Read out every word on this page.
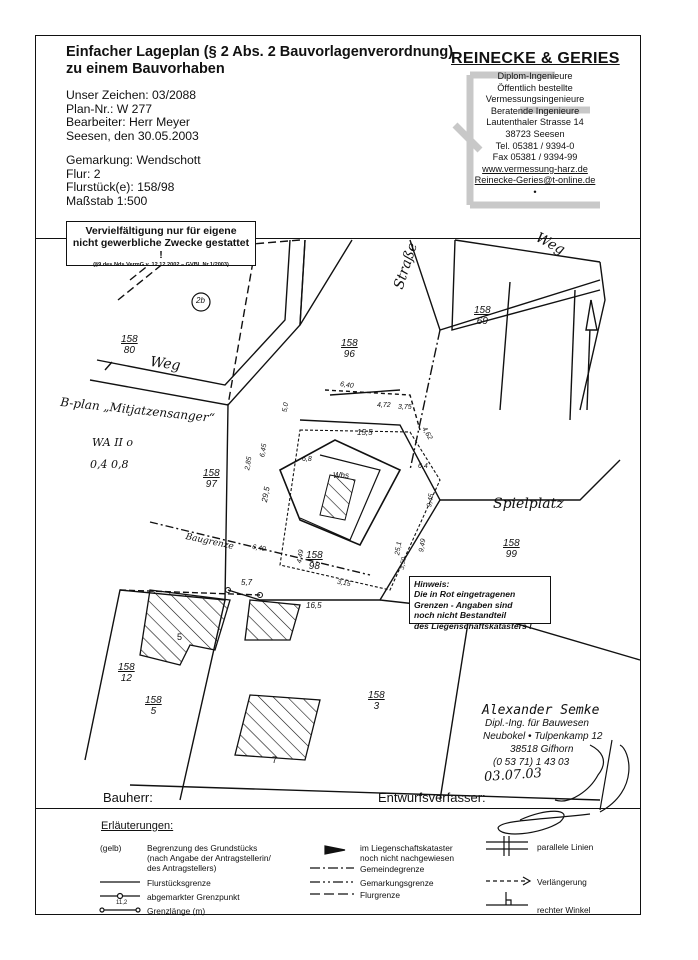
Einfacher Lageplan (§ 2 Abs. 2 Bauvorlagenverordnung)
zu einem Bauvorhaben
Unser Zeichen: 03/2088
Plan-Nr.: W 277
Bearbeiter: Herr Meyer
Seesen, den 30.05.2003
Gemarkung: Wendschott
Flur: 2
Flurstück(e): 158/98
Maßstab 1:500
REINECKE & GERIES
Diplom-Ingenieure
Öffentlich bestellte
Vermessungsingenieure
Beratende Ingenieure
Lautenthaler Strasse 14
38723 Seesen
Tel. 05381 / 9394-0
Fax 05381 / 9394-99
www.vermessung-harz.de
Reinecke-Geries@t-online.de
•
Weg
Straße	Weg
Spielplatz
Baugrenze
158
80
158
96
158
69
158
97
158
98
158
99
158
12
158
5
158
3
2b
Whs
5
7
B-plan „Mitjatzensanger“
WA II o
0,4 0,8
6,40
4,72 3,75
4,62
15,5
5,0
6,45
2,85
29,5
6,8
6,4
9,45
6,40
4,49
25,1
3,50
9,49
3,15
5,7
16,5
Vervielfältigung nur für eigene
nicht gewerbliche Zwecke gestattet !
(§9 des Nds.VermG v. 12.12.2002 – GVBl. Nr.1/2003)
Hinweis:
Die in Rot eingetragenen
Grenzen - Angaben sind
noch nicht Bestandteil
des Liegenschaftskatasters !
Alexander Semke
Dipl.-Ing. für Bauwesen
Neubokel • Tulpenkamp 12
38518 Gifhorn
(0 53 71) 1 43 03
03.07.03
Bauherr:	Entwurfsverfasser:
Erläuterungen:
(gelb)	Begrenzung des Grundstücks
(nach Angabe der Antragstellerin/
des Antragstellers)
Flurstücksgrenze
abgemarkter Grenzpunkt
Grenzlänge (m)
11,2
im Liegenschaftskataster
noch nicht nachgewiesen
Gemeindegrenze
Gemarkungsgrenze
Flurgrenze
parallele Linien
Verlängerung
rechter Winkel
